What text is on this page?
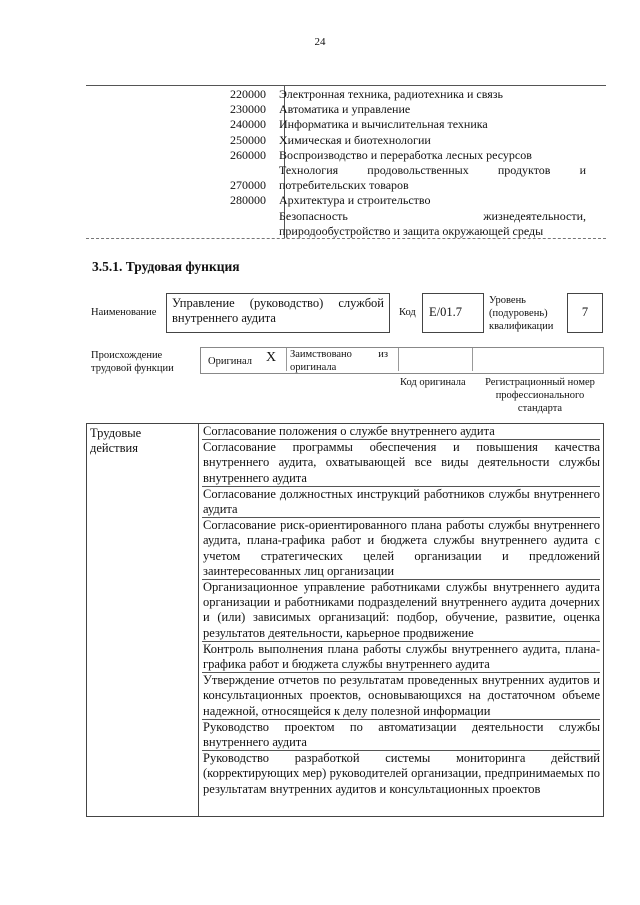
24
220000	Электронная техника, радиотехника и связь
230000	Автоматика и управление
240000	Информатика и вычислительная техника
250000	Химическая и биотехнологии
260000	Воспроизводство и переработка лесных ресурсов
Технология продовольственных продуктов и
270000	потребительских товаров
280000	Архитектура и строительство
Безопасность жизнедеятельности,
природообустройство и защита окружающей среды
3.5.1. Трудовая функция
Наименование
Управление (руководство) службой внутреннего аудита	Код	E/01.7
Уровень (подуровень) квалификации
7
Происхождение трудовой функции
Оригинал X Заимствовано	из
оригинала
Код оригинала	Регистрационный номер профессионального стандарта
Трудовые действия
Согласование положения о службе внутреннего аудита
Согласование программы обеспечения и повышения качества внутреннего аудита, охватывающей все виды деятельности службы внутреннего аудита
Согласование должностных инструкций работников службы внутреннего аудита
Согласование риск-ориентированного плана работы службы внутреннего аудита, плана-графика работ и бюджета службы внутреннего аудита с учетом стратегических целей организации и предложений заинтересованных лиц организации
Организационное управление работниками службы внутреннего аудита организации и работниками подразделений внутреннего аудита дочерних и (или) зависимых организаций: подбор, обучение, развитие, оценка результатов деятельности, карьерное продвижение
Контроль выполнения плана работы службы внутреннего аудита, плана-графика работ и бюджета службы внутреннего аудита
Утверждение отчетов по результатам проведенных внутренних аудитов и консультационных проектов, основывающихся на достаточном объеме надежной, относящейся к делу полезной информации
Руководство проектом по автоматизации деятельности службы внутреннего аудита
Руководство разработкой системы мониторинга действий (корректирующих мер) руководителей организации, предпринимаемых по результатам внутренних аудитов и консультационных проектов
